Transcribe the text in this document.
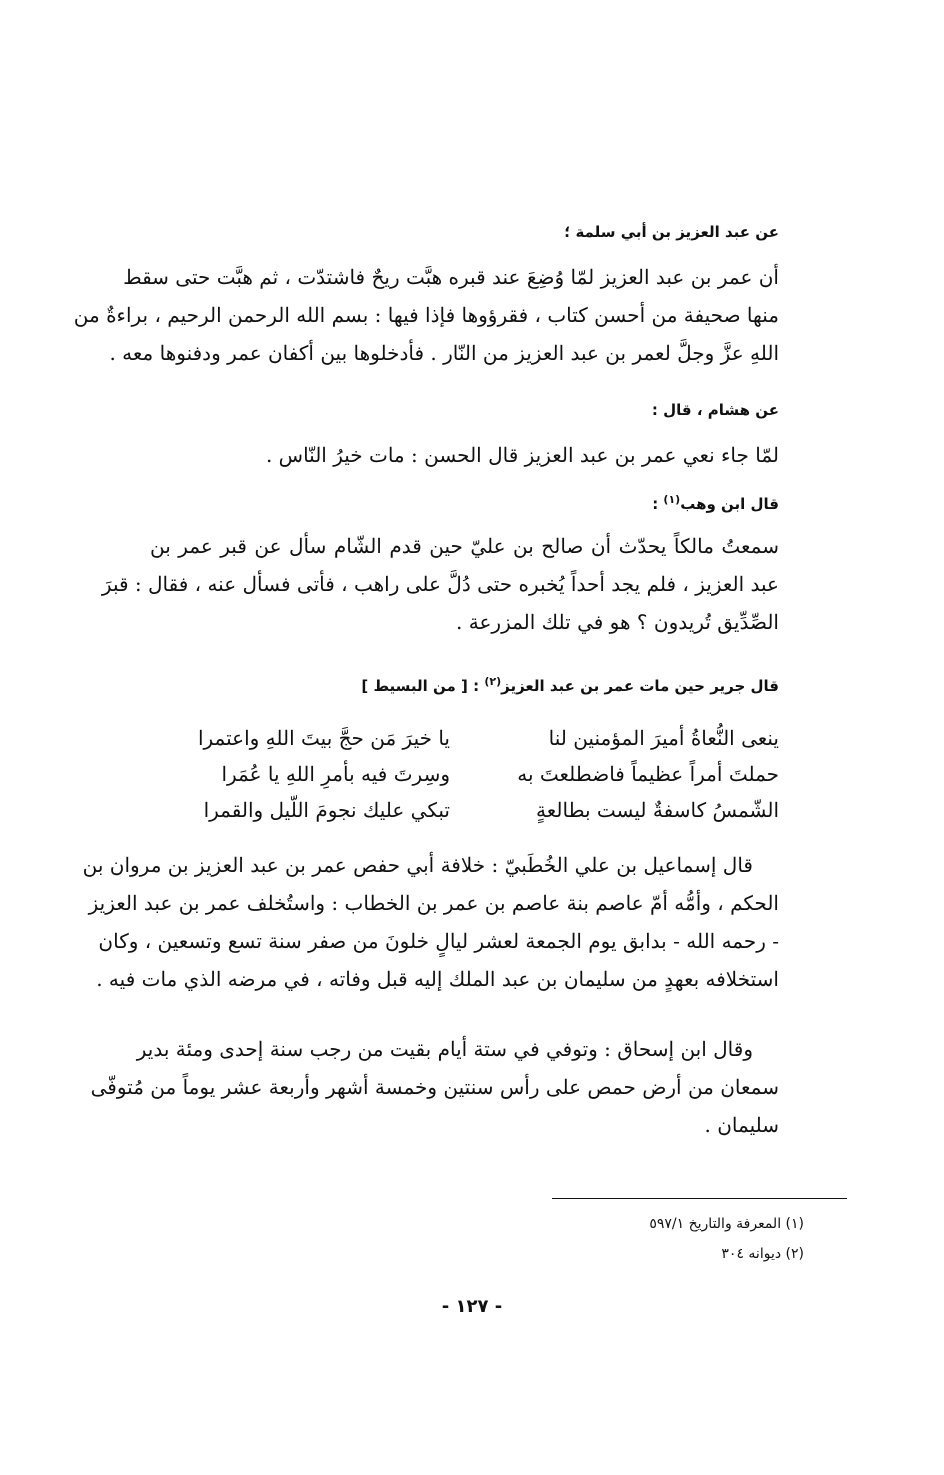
عن عبد العزيز بن أبي سلمة ؛
أن عمر بن عبد العزيز لمّا وُضِعَ عند قبره هبَّت ريحٌ فاشتدّت ، ثم هبَّت حتى سقط
منها صحيفة من أحسن كتاب ، فقرؤوها فإذا فيها : بسم الله الرحمن الرحيم ، براءةٌ من
اللهِ عزَّ وجلَّ لعمر بن عبد العزيز من النّار . فأدخلوها بين أكفان عمر ودفنوها معه .
عن هشام ، قال :
لمّا جاء نعي عمر بن عبد العزيز قال الحسن : مات خيرُ النّاس .
قال ابن وهب$^{(١)}$ :
سمعتُ مالكاً يحدّث أن صالح بن عليّ حين قدم الشّام سأل عن قبر عمر بن
عبد العزيز ، فلم يجد أحداً يُخبره حتى دُلَّ على راهب ، فأتى فسأل عنه ، فقال : قبرَ
الصِّدِّيق تُريدون ؟ هو في تلك المزرعة .
قال جرير حين مات عمر بن عبد العزيز$^{(٢)}$ : [ من البسيط ]
ينعى النُّعاةُ أميرَ المؤمنين لنا
يا خيرَ مَن حجَّ بيتَ اللهِ واعتمرا
حملتَ أمراً عظيماً فاضطلعتَ به
وسِرتَ فيه بأمرِ اللهِ يا عُمَرا
الشّمسُ كاسفةٌ ليست بطالعةٍ
تبكي عليك نجومَ اللّيل والقمرا
قال إسماعيل بن علي الخُطَبيّ : خلافة أبي حفص عمر بن عبد العزيز بن مروان بن
الحكم ، وأمُّه أمّ عاصم بنة عاصم بن عمر بن الخطاب : واستُخلف عمر بن عبد العزيز
- رحمه الله - بدابق يوم الجمعة لعشر ليالٍ خلونَ من صفر سنة تسع وتسعين ، وكان
استخلافه بعهدٍ من سليمان بن عبد الملك إليه قبل وفاته ، في مرضه الذي مات فيه .
وقال ابن إسحاق : وتوفي في ستة أيام بقيت من رجب سنة إحدى ومئة بدير
سمعان من أرض حمص على رأس سنتين وخمسة أشهر وأربعة عشر يوماً من مُتوفّى
سليمان .
(١) المعرفة والتاريخ ٥٩٧/١
(٢) ديوانه ٣٠٤
- ١٢٧ -
